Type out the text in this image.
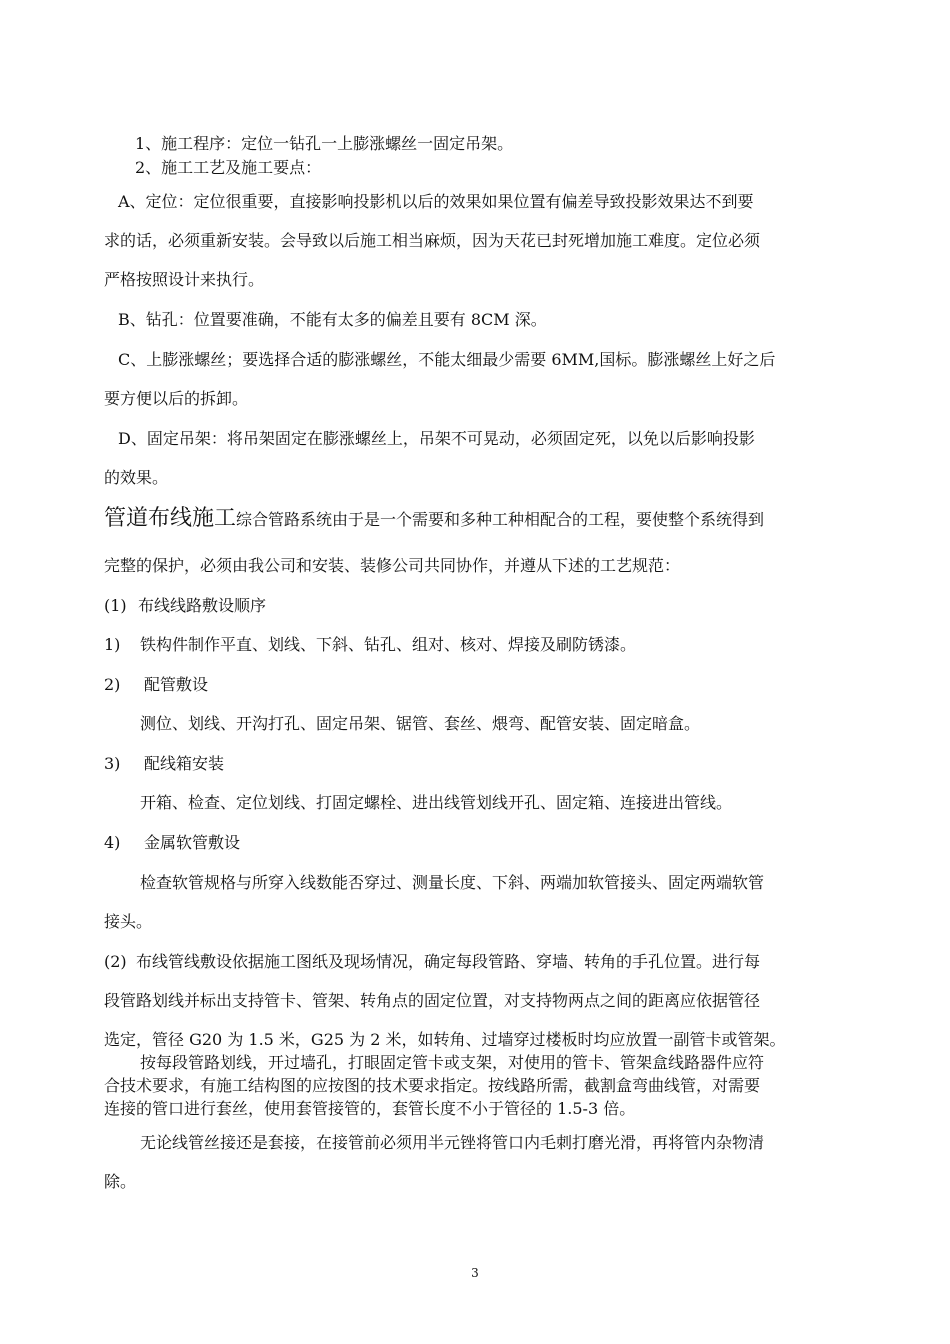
1、施工程序：定位一钻孔一上膨涨螺丝一固定吊架。
2、施工工艺及施工要点：
A、定位：定位很重要，直接影响投影机以后的效果如果位置有偏差导致投影效果达不到要
求的话，必须重新安装。会导致以后施工相当麻烦，因为天花已封死增加施工难度。定位必须
严格按照设计来执行。
B、钻孔：位置要准确，不能有太多的偏差且要有 8CM 深。
C、上膨涨螺丝；要选择合适的膨涨螺丝，不能太细最少需要 6MM,国标。膨涨螺丝上好之后
要方便以后的拆卸。
D、固定吊架：将吊架固定在膨涨螺丝上，吊架不可晃动，必须固定死，以免以后影响投影
的效果。
管道布线施工综合管路系统由于是一个需要和多种工种相配合的工程，要使整个系统得到
完整的保护，必须由我公司和安装、装修公司共同协作，并遵从下述的工艺规范：
(1) 布线线路敷设顺序
1) 铁构件制作平直、划线、下斜、钻孔、组对、核对、焊接及刷防锈漆。
2) 配管敷设
测位、划线、开沟打孔、固定吊架、锯管、套丝、煨弯、配管安装、固定暗盒。
3) 配线箱安装
开箱、检查、定位划线、打固定螺栓、进出线管划线开孔、固定箱、连接进出管线。
4) 金属软管敷设
检查软管规格与所穿入线数能否穿过、测量长度、下斜、两端加软管接头、固定两端软管
接头。
(2) 布线管线敷设依据施工图纸及现场情况，确定每段管路、穿墙、转角的手孔位置。进行每
段管路划线并标出支持管卡、管架、转角点的固定位置，对支持物两点之间的距离应依据管径
选定，管径 G20 为 1.5 米，G25 为 2 米，如转角、过墙穿过楼板时均应放置一副管卡或管架。
按每段管路划线，开过墙孔，打眼固定管卡或支架，对使用的管卡、管架盒线路器件应符
合技术要求，有施工结构图的应按图的技术要求指定。按线路所需，截割盒弯曲线管，对需要
连接的管口进行套丝，使用套管接管的，套管长度不小于管径的 1.5-3 倍。
无论线管丝接还是套接，在接管前必须用半元锉将管口内毛刺打磨光滑，再将管内杂物清
除。
3
